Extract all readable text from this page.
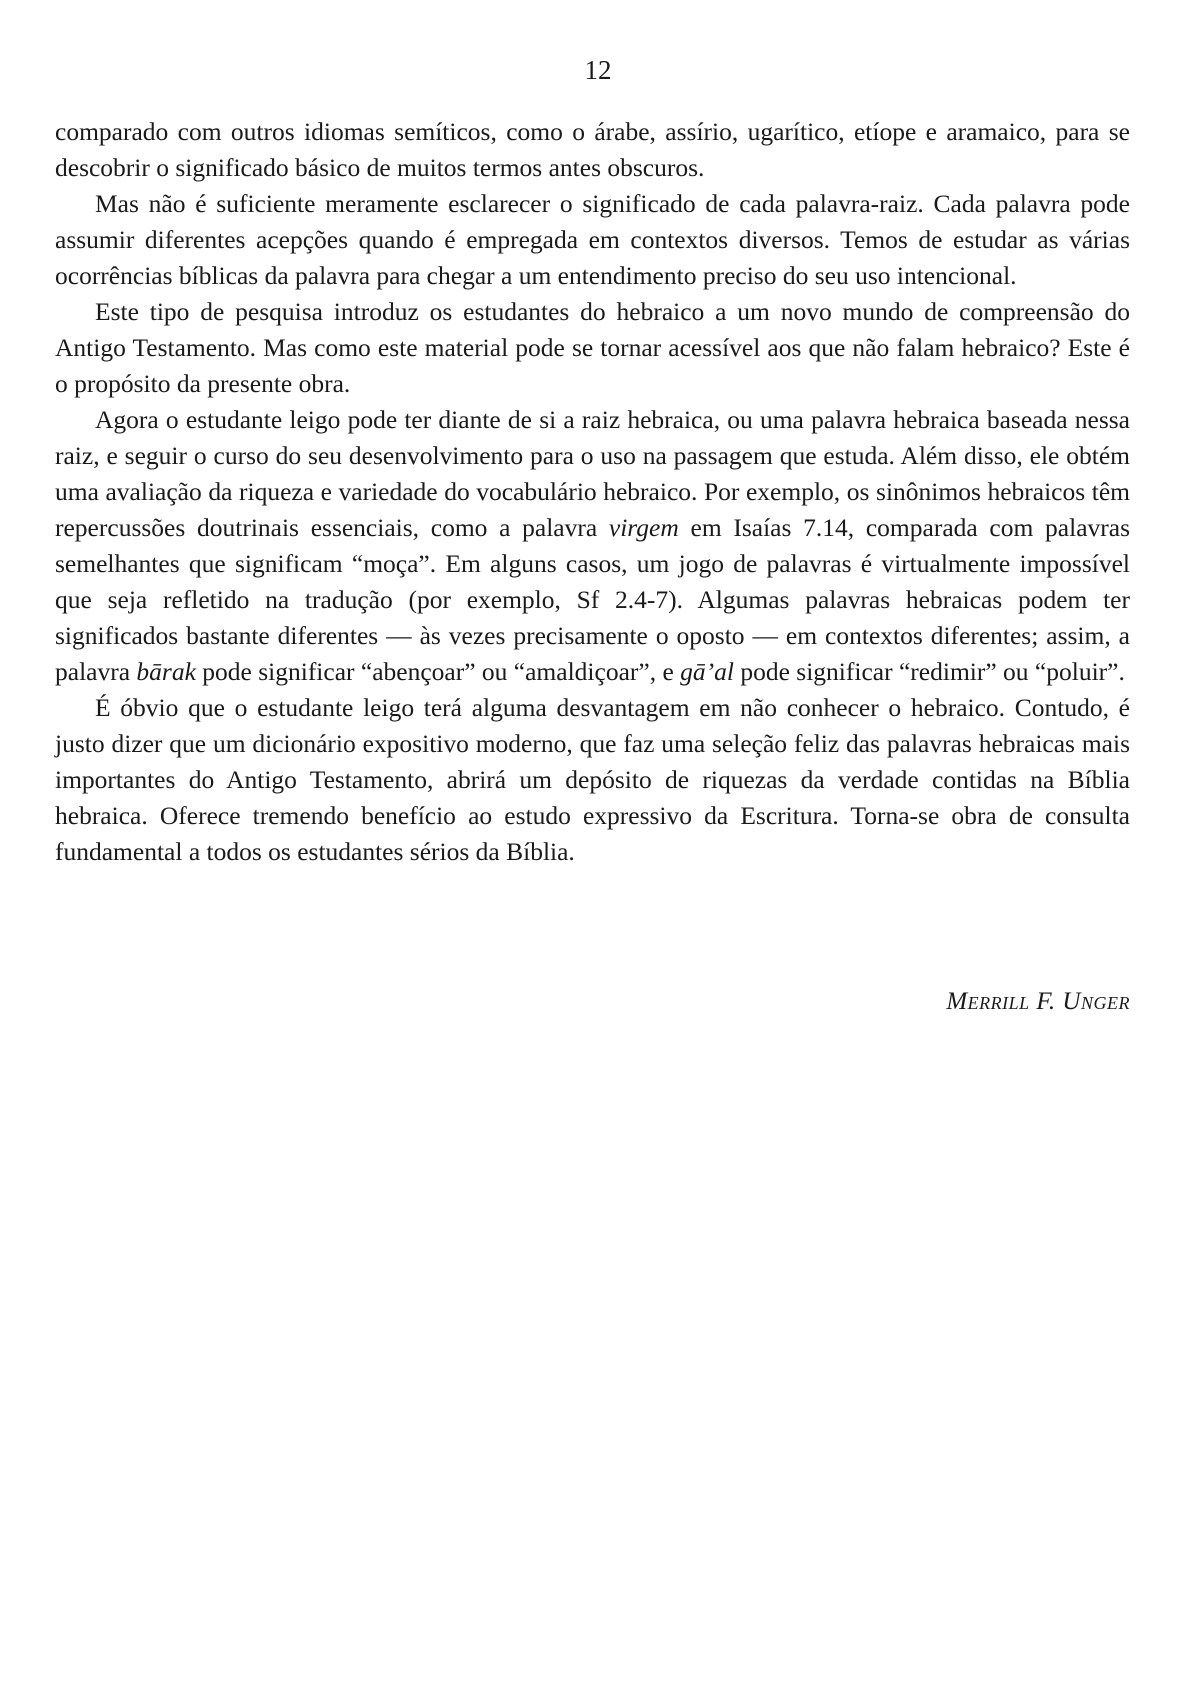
12

comparado com outros idiomas semíticos, como o árabe, assírio, ugarítico, etíope e aramaico, para se descobrir o significado básico de muitos termos antes obscuros.

Mas não é suficiente meramente esclarecer o significado de cada palavra-raiz. Cada palavra pode assumir diferentes acepções quando é empregada em contextos diversos. Temos de estudar as várias ocorrências bíblicas da palavra para chegar a um entendimento preciso do seu uso intencional.

Este tipo de pesquisa introduz os estudantes do hebraico a um novo mundo de compreensão do Antigo Testamento. Mas como este material pode se tornar acessível aos que não falam hebraico? Este é o propósito da presente obra.

Agora o estudante leigo pode ter diante de si a raiz hebraica, ou uma palavra hebraica baseada nessa raiz, e seguir o curso do seu desenvolvimento para o uso na passagem que estuda. Além disso, ele obtém uma avaliação da riqueza e variedade do vocabulário hebraico. Por exemplo, os sinônimos hebraicos têm repercussões doutrinais essenciais, como a palavra virgem em Isaías 7.14, comparada com palavras semelhantes que significam “moça”. Em alguns casos, um jogo de palavras é virtualmente impossível que seja refletido na tradução (por exemplo, Sf 2.4-7). Algumas palavras hebraicas podem ter significados bastante diferentes — às vezes precisamente o oposto — em contextos diferentes; assim, a palavra bārak pode significar “abençoar” ou “amaldiçoar”, e gā’al pode significar “redimir” ou “poluir”.

É óbvio que o estudante leigo terá alguma desvantagem em não conhecer o hebraico. Contudo, é justo dizer que um dicionário expositivo moderno, que faz uma seleção feliz das palavras hebraicas mais importantes do Antigo Testamento, abrirá um depósito de riquezas da verdade contidas na Bíblia hebraica. Oferece tremendo benefício ao estudo expressivo da Escritura. Torna-se obra de consulta fundamental a todos os estudantes sérios da Bíblia.

Merrill F. Unger
